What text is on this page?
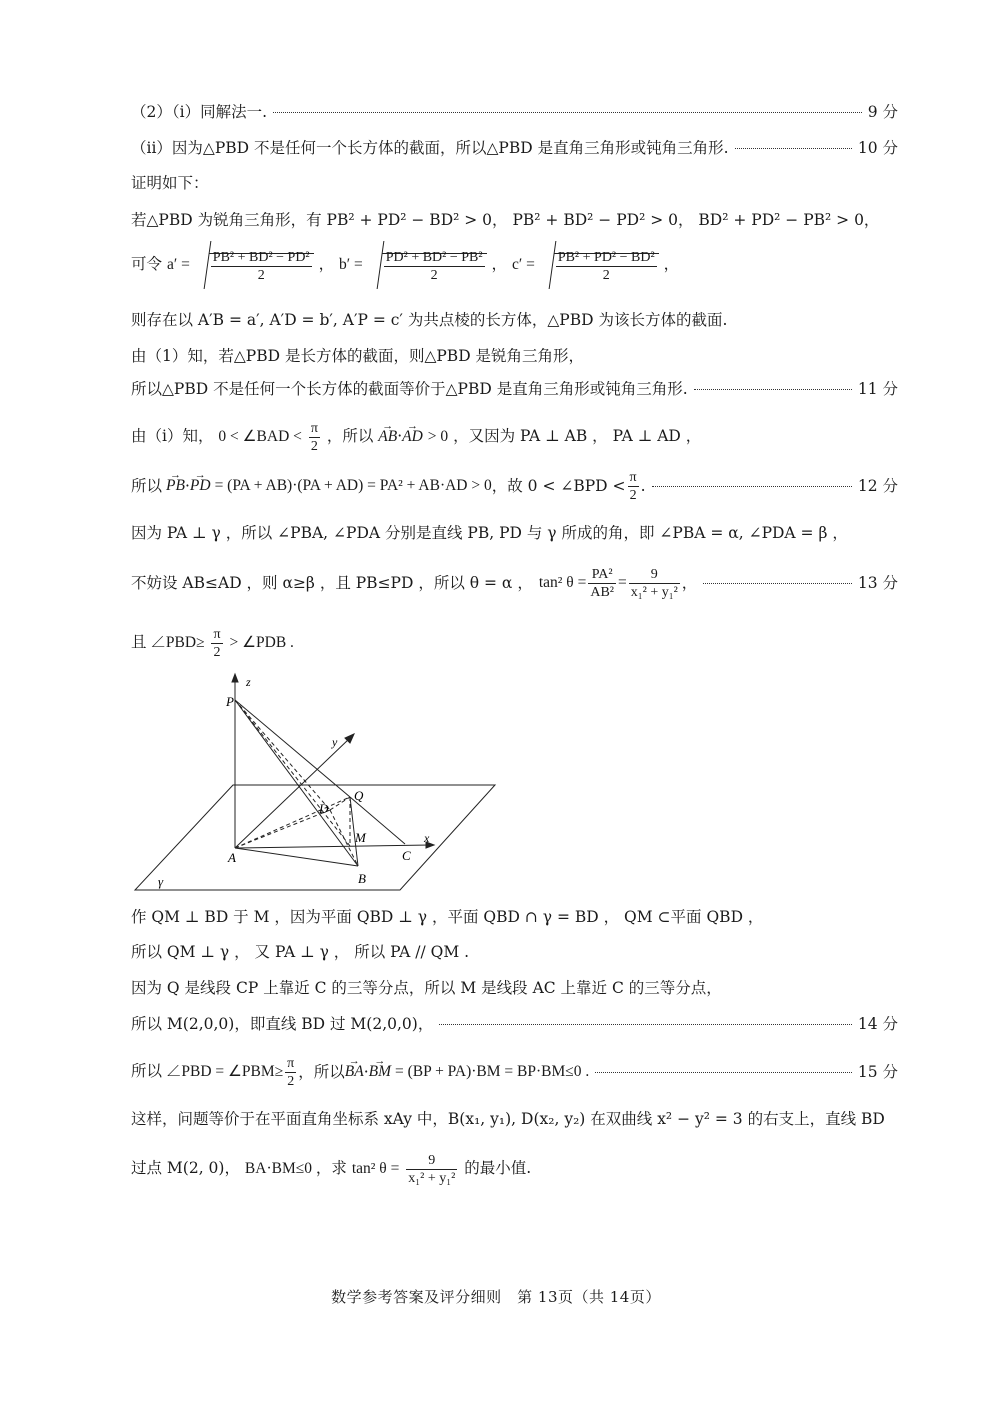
（2）（i）同解法一.	9 分
（ii）因为△PBD 不是任何一个长方体的截面，所以△PBD 是直角三角形或钝角三角形.	10 分
证明如下：
若△PBD 为锐角三角形，有 PB² + PD² − BD² > 0， PB² + BD² − PD² > 0， BD² + PD² − PB² > 0，
可令 $a' = \frac{\text{PB² + BD² − PD²}}{2}$ ， $b' = \frac{\text{PD² + BD² − PB²}}{2}$ ， $c' = \frac{\text{PB² + PD² − BD²}}{2}$ ，
则存在以 A′B = a′, A′D = b′, A′P = c′ 为共点棱的长方体，△PBD 为该长方体的截面.
由（1）知，若△PBD 是长方体的截面，则△PBD 是锐角三角形，
所以△PBD 不是任何一个长方体的截面等价于△PBD 是直角三角形或钝角三角形.	11 分
由（i）知， 0 < ∠BAD < $\frac{\pi}{2}$ ，所以 → AB·→ AD > 0 ，又因为 PA ⊥ AB ， PA ⊥ AD ，
所以 → PB · → PD = (PA + AB)·(PA + AD) = PA² + AB·AD > 0 ，故 0 < ∠BPD < $\frac{\pi}{2}$ .	12 分
因为 PA ⊥ γ ，所以 ∠PBA, ∠PDA 分别是直线 PB, PD 与 γ 所成的角，即 ∠PBA = α, ∠PDA = β ，
不妨设 AB≤AD ，则 α≥β ，且 PB≤PD ，所以 θ = α ， tan² $\theta = \frac{\text{PA²}}{\text{AB²}} = \frac{9}{\text{x₁² + y₁²}}$ ，	13 分
且 ∠PBD≥ $\frac{\pi}{2}$ > ∠PDB .
P
z
y
x
Q
D
M
A
B
C
γ
作 QM ⊥ BD 于 M ，因为平面 QBD ⊥ γ ，平面 QBD ∩ γ = BD ， QM ⊂平面 QBD ，
所以 QM ⊥ γ ， 又 PA ⊥ γ ， 所以 PA // QM .
因为 Q 是线段 CP 上靠近 C 的三等分点，所以 M 是线段 AC 上靠近 C 的三等分点，
所以 M(2,0,0)，即直线 BD 过 M(2,0,0)，	14 分
所以 ∠PBD = ∠PBM≥ $\frac{\pi}{2}$ ，所以 → BA · → BM = (BP + PA)·BM = BP·BM≤0 .	15 分
这样，问题等价于在平面直角坐标系 xAy 中，B(x₁, y₁), D(x₂, y₂) 在双曲线 x² − y² = 3 的右支上，直线 BD
过点 M(2, 0)， BA·BM≤0 ，求 tan² $\theta = \frac{9}{\text{x₁² + y₁²}}$ 的最小值.
数学参考答案及评分细则　第 13页（共 14页）
